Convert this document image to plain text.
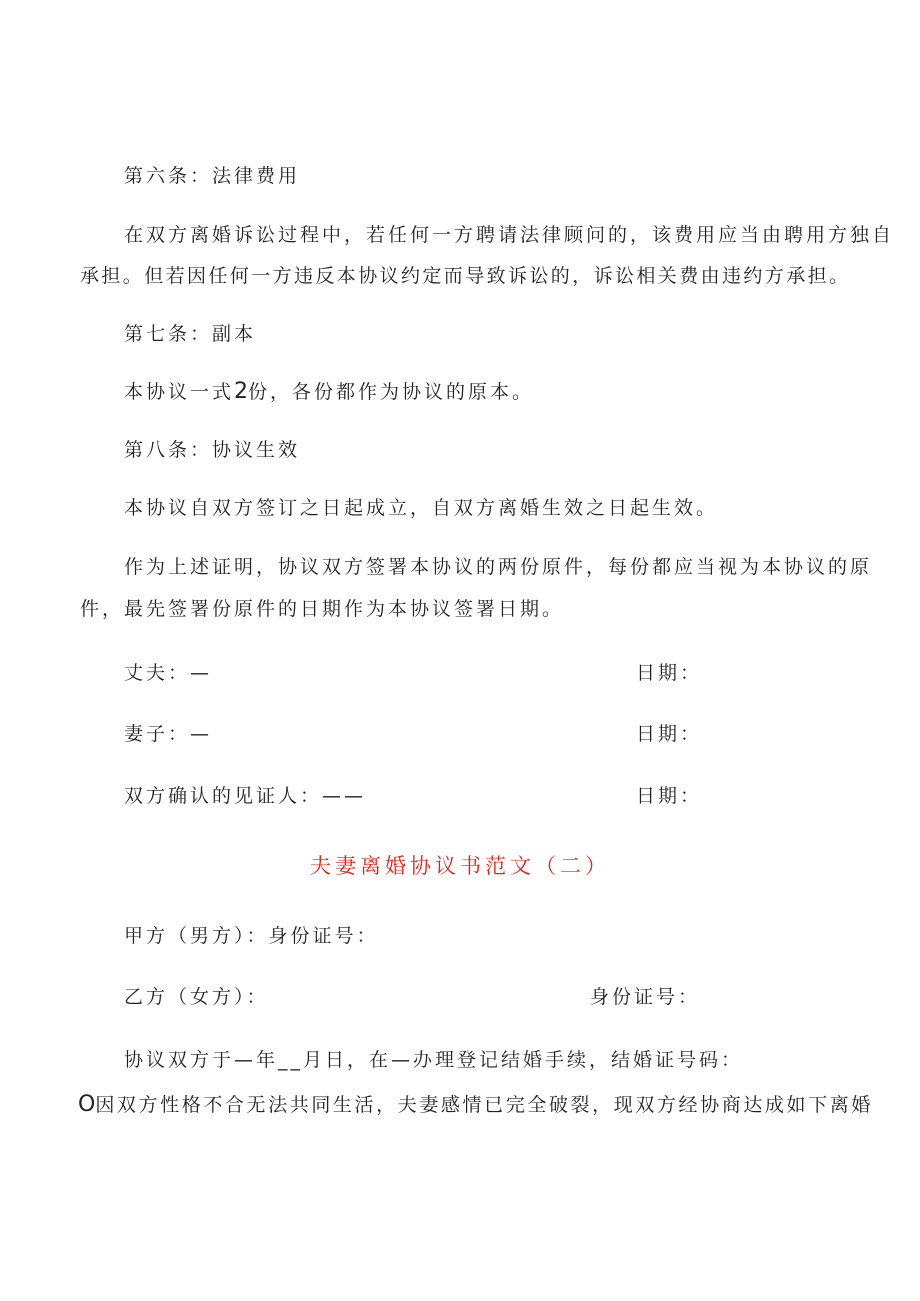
第六条：法律费用
在双方离婚诉讼过程中，若任何一方聘请法律顾问的，该费用应当由聘用方独自
承担。但若因任何一方违反本协议约定而导致诉讼的，诉讼相关费由违约方承担。
第七条：副本
本协议一式2份，各份都作为协议的原本。
第八条：协议生效
本协议自双方签订之日起成立，自双方离婚生效之日起生效。
作为上述证明，协议双方签署本协议的两份原件，每份都应当视为本协议的原
件，最先签署份原件的日期作为本协议签署日期。
丈夫：—	日期：
妻子：—	日期：
双方确认的见证人：——	日期：
夫妻离婚协议书范文（二）
甲方（男方）：身份证号：
乙方（女方）：	身份证号：
协议双方于—年__月日，在—办理登记结婚手续，结婚证号码：
O因双方性格不合无法共同生活，夫妻感情已完全破裂，现双方经协商达成如下离婚
